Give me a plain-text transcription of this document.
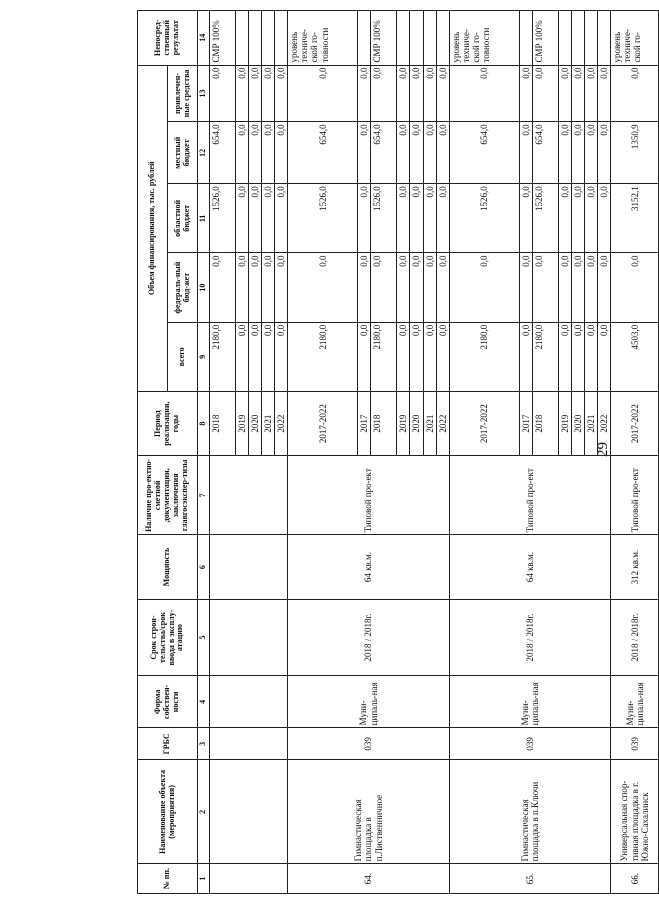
29
№ пп.	Наименование объекта (мероприятия)	ГРБС	Форма собствен-ности	Срок строи-тельства/срок ввода в эксплу-атацию	Мощность	Наличие про-ектно-сметной документации, заключения главгосэкспер-тизы	Период реализации, годы	Объем финансирования, тыс. рублей					Непосред-ственный результат
								всего	федераль-ный бюд-жет	областной бюджет	местный бюджет	привлечен-ные средства	
1	2	3	4	5	6	7	8	9	10	11	12	13	14
							2018	2180,0	0,0	1526,0	654,0	0,0	СМР 100%
							2019	0,0	0,0	0,0	0,0	0,0	
							2020	0,0	0,0	0,0	0,0	0,0	
							2021	0,0	0,0	0,0	0,0	0,0	
							2022	0,0	0,0	0,0	0,0	0,0	
64.	Гимнастическая площадка в п.Лиственничное	039	Муни-ципаль-ная	2018 / 2018г.	64 кв.м.	Типовой про-ект	2017-2022	2180,0	0,0	1526,0	654,0	0,0	уровень техниче-ской го-товности
							2017	0,0	0,0	0,0	0,0	0,0	
							2018	2180,0	0,0	1526,0	654,0	0,0	СМР 100%
							2019	0,0	0,0	0,0	0,0	0,0	
							2020	0,0	0,0	0,0	0,0	0,0	
							2021	0,0	0,0	0,0	0,0	0,0	
							2022	0,0	0,0	0,0	0,0	0,0	
65.	Гимнастическая площадка в п.Ключи	039	Муни-ципаль-ная	2018 / 2018г.	64 кв.м.	Типовой про-ект	2017-2022	2180,0	0,0	1526,0	654,0	0,0	уровень техниче-ской го-товности
							2017	0,0	0,0	0,0	0,0	0,0	
							2018	2180,0	0,0	1526,0	654,0	0,0	СМР 100%
							2019	0,0	0,0	0,0	0,0	0,0	
							2020	0,0	0,0	0,0	0,0	0,0	
							2021	0,0	0,0	0,0	0,0	0,0	
							2022	0,0	0,0	0,0	0,0	0,0	
66.	Универсальная спор-тивная площадка в г. Южно-Сахалинск	039	Муни-ципаль-ная	2018 / 2018г.	312 кв.м.	Типовой про-ект	2017-2022	4503,0	0,0	3152,1	1350,9	0,0	уровень техниче-ской го-
